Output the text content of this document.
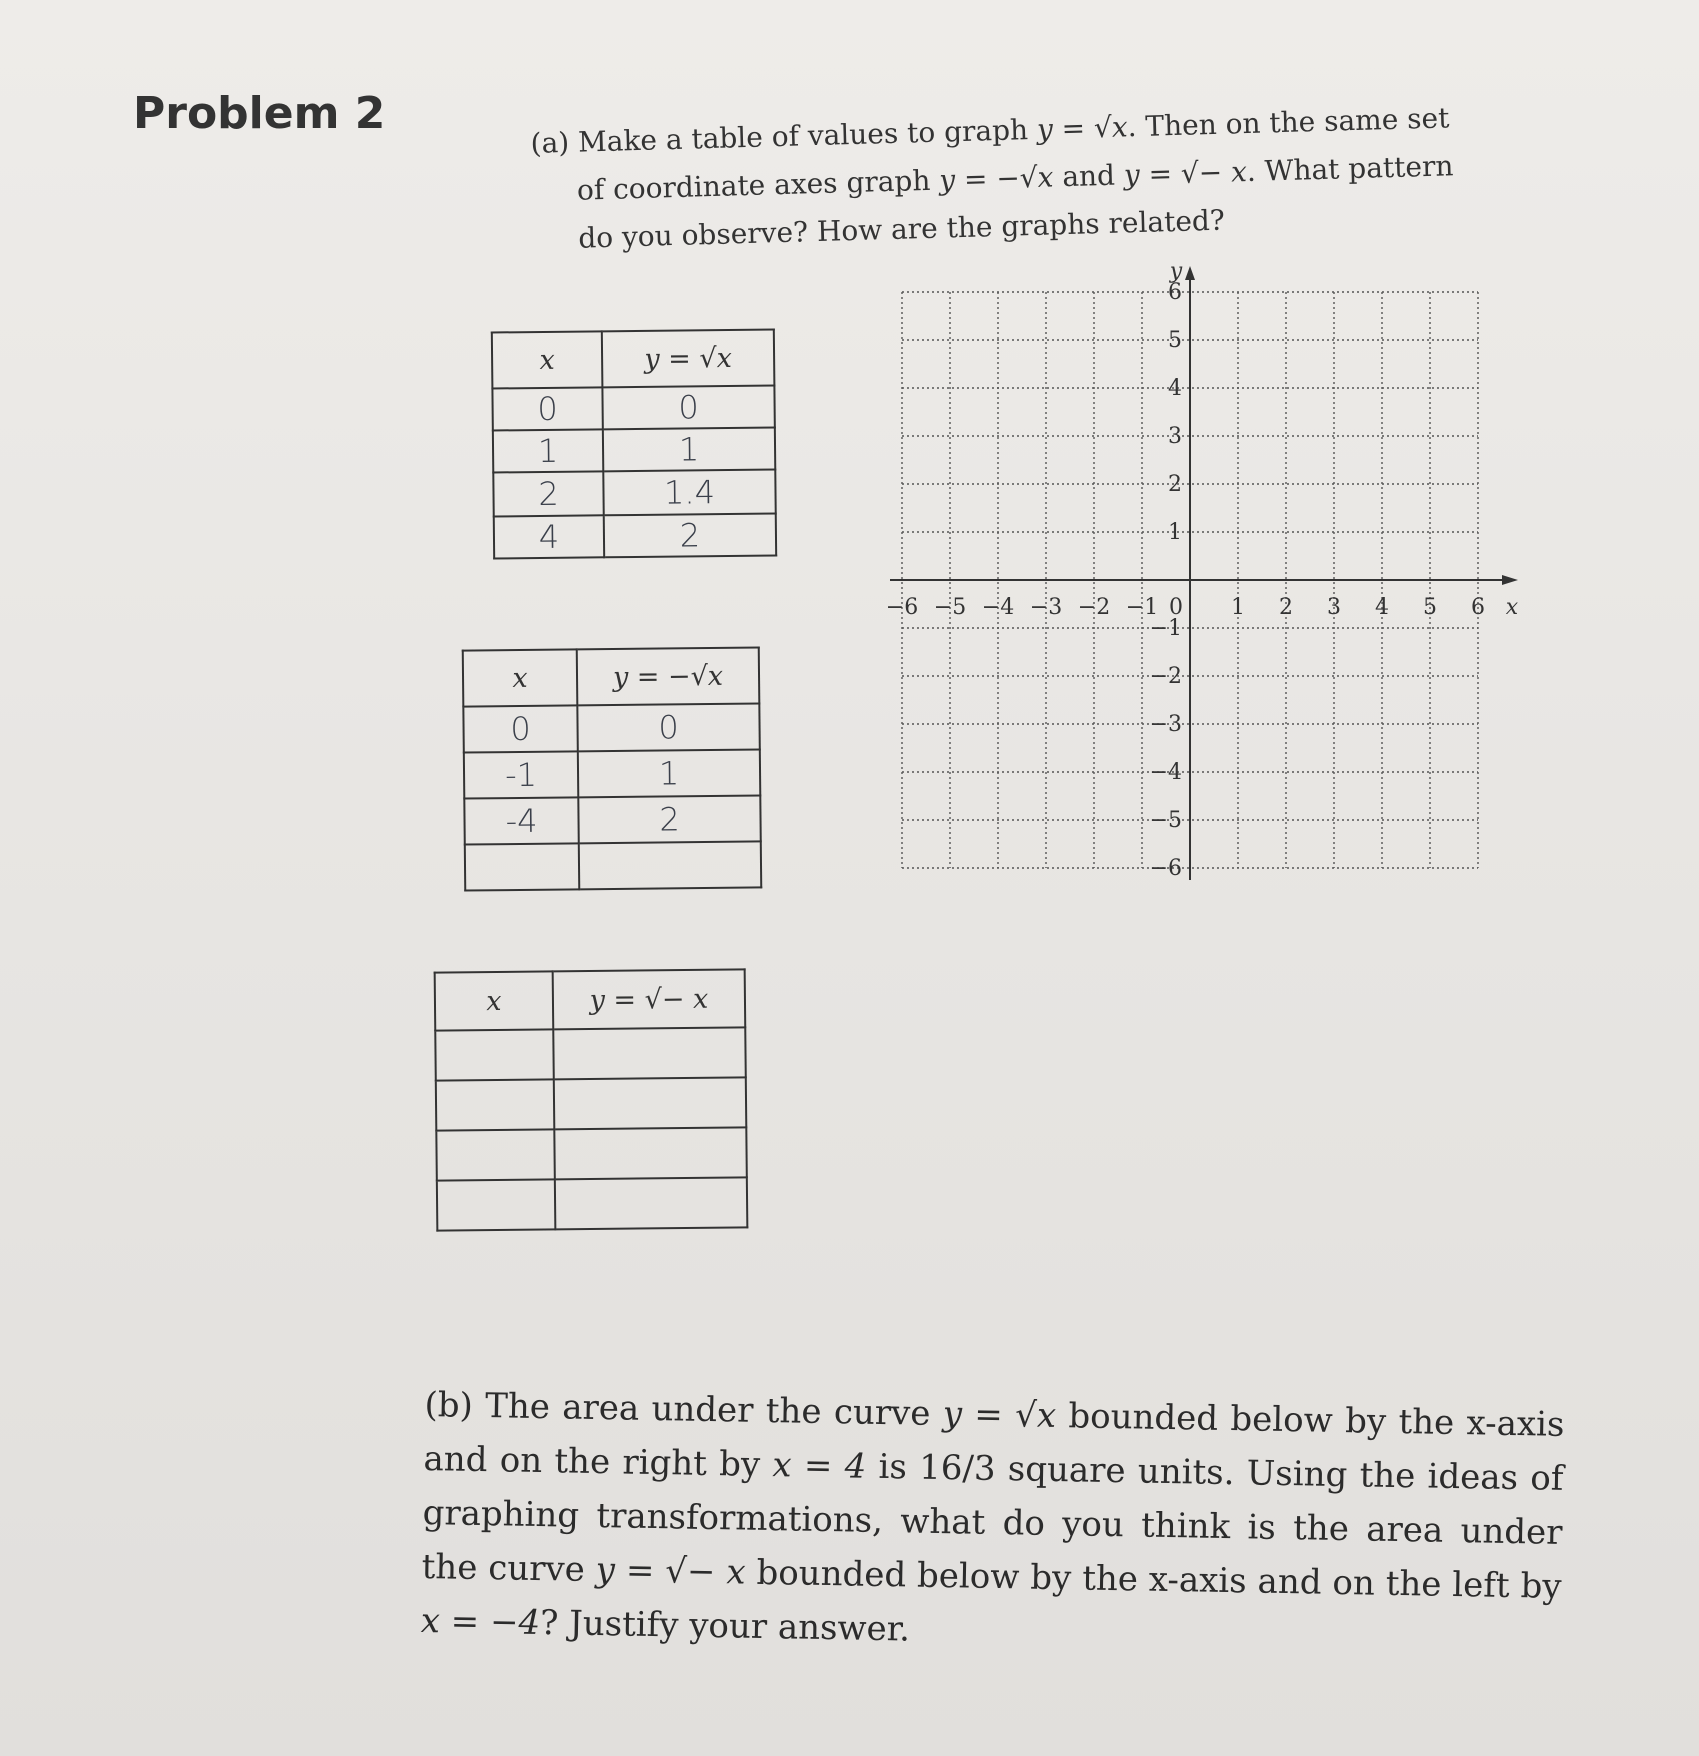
Problem 2
(a) Make a table of values to graph y = √x. Then on the same set
of coordinate axes graph y = −√x and y = √− x. What pattern
do you observe? How are the graphs related?
x	y = √x
0	0
1	1
2	1.4
4	2
x	y = −√x
0	0
-1	1
-4	2

x	y = √− x

−6 −5 −4 −3 −2 −1 0 1 2 3 4 5 6
1
2
3
4
5
6
−1
−2
−3
−4
−5
−6
x
y
(b) The area under the curve y = √x bounded below by the x-axis and on the right by x = 4 is 16/3 square units. Using the ideas of graphing transformations, what do you think is the area under the curve y = √− x bounded below by the x-axis and on the left by x = −4? Justify your answer.
